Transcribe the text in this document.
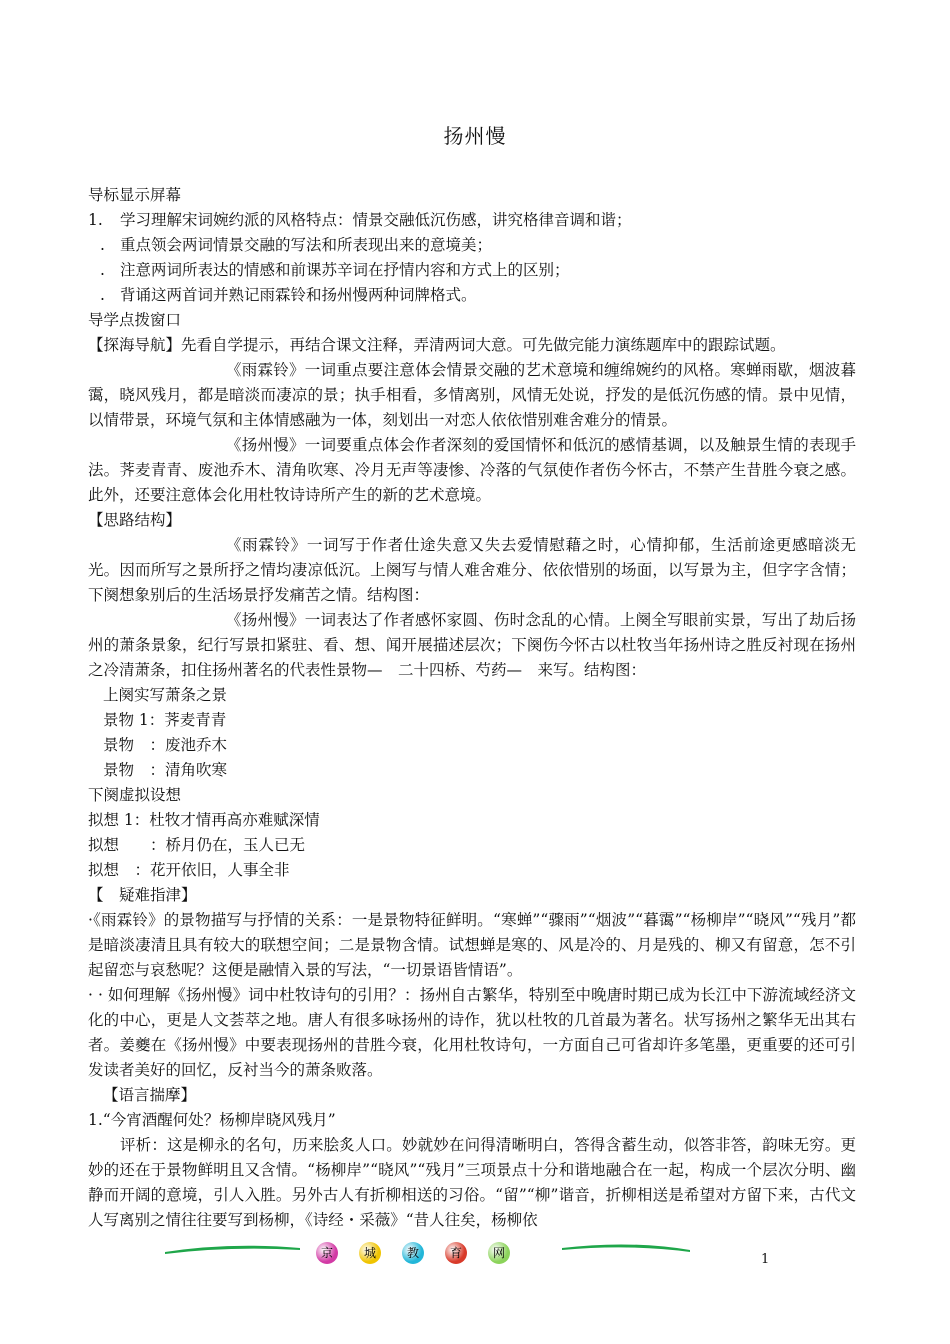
扬州慢

导标显示屏幕

1. 学习理解宋词婉约派的风格特点：情景交融低沉伤感，讲究格律音调和谐；

. 重点领会两词情景交融的写法和所表现出来的意境美；

. 注意两词所表达的情感和前课苏辛词在抒情内容和方式上的区别；

. 背诵这两首词并熟记雨霖铃和扬州慢两种词牌格式。

导学点拨窗口

【探海导航】先看自学提示，再结合课文注释，弄清两词大意。可先做完能力演练题库中的跟踪试题。

《雨霖铃》一词重点要注意体会情景交融的艺术意境和缠绵婉约的风格。寒蝉雨歇，烟波暮霭，晓风残月，都是暗淡而凄凉的景；执手相看，多情离别，风情无处说，抒发的是低沉伤感的情。景中见情，以情带景，环境气氛和主体情感融为一体，刻划出一对恋人依依惜别难舍难分的情景。

《扬州慢》一词要重点体会作者深刻的爱国情怀和低沉的感情基调，以及触景生情的表现手法。荠麦青青、废池乔木、清角吹寒、冷月无声等凄惨、冷落的气氛使作者伤今怀古，不禁产生昔胜今衰之感。此外，还要注意体会化用杜牧诗诗所产生的新的艺术意境。

【思路结构】

《雨霖铃》一词写于作者仕途失意又失去爱情慰藉之时，心情抑郁，生活前途更感暗淡无光。因而所写之景所抒之情均凄凉低沉。上阕写与情人难舍难分、依依惜别的场面，以写景为主，但字字含情；下阕想象别后的生活场景抒发痛苦之情。结构图：

《扬州慢》一词表达了作者感怀家圆、伤时念乱的心情。上阕全写眼前实景，写出了劫后扬州的萧条景象，纪行写景扣紧驻、看、想、闻开展描述层次；下阕伤今怀古以杜牧当年扬州诗之胜反衬现在扬州之冷清萧条，扣住扬州著名的代表性景物—　二十四桥、芍药—　来写。结构图：

上阕实写萧条之景

景物 1：荠麦青青

景物　：废池乔木

景物　：清角吹寒

下阕虚拟设想

拟想 1：杜牧才情再高亦难赋深情

拟想　　：桥月仍在，玉人已无

拟想　：花开依旧，人事全非

【　疑难指津】

·《雨霖铃》的景物描写与抒情的关系：一是景物特征鲜明。“寒蝉”“骤雨”“烟波”“暮霭”“杨柳岸”“晓风”“残月”都是暗淡凄清且具有较大的联想空间；二是景物含情。试想蝉是寒的、风是冷的、月是残的、柳又有留意，怎不引起留恋与哀愁呢？这便是融情入景的写法，“一切景语皆情语”。

· · 如何理解《扬州慢》词中杜牧诗句的引用？：扬州自古繁华，特别至中晚唐时期已成为长江中下游流域经济文化的中心，更是人文荟萃之地。唐人有很多咏扬州的诗作，犹以杜牧的几首最为著名。状写扬州之繁华无出其右者。姜夔在《扬州慢》中要表现扬州的昔胜今衰，化用杜牧诗句，一方面自己可省却许多笔墨，更重要的还可引发读者美好的回忆，反衬当今的萧条败落。

【语言揣摩】

1.“今宵酒醒何处？杨柳岸晓风残月”

评析：这是柳永的名句，历来脍炙人口。妙就妙在问得清晰明白，答得含蓄生动，似答非答，韵味无穷。更妙的还在于景物鲜明且又含情。“杨柳岸”“晓风”“残月”三项景点十分和谐地融合在一起，构成一个层次分明、幽静而开阔的意境，引人入胜。另外古人有折柳相送的习俗。“留”“柳”谐音，折柳相送是希望对方留下来，古代文人写离别之情往往要写到杨柳，《诗经・采薇》“昔人往矣，杨柳依

京	城	教	育	网	1
